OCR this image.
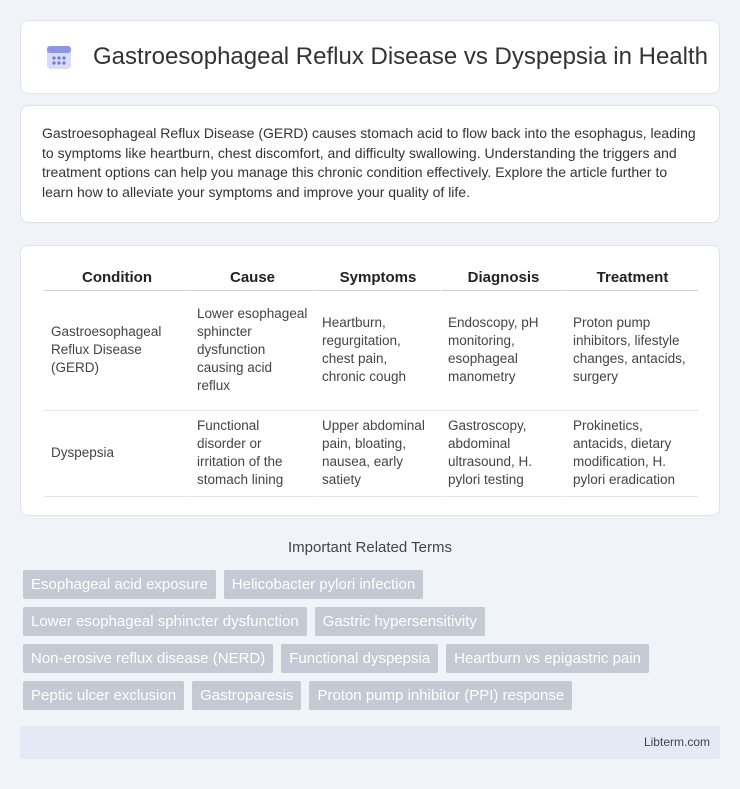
Gastroesophageal Reflux Disease vs Dyspepsia in Health

Gastroesophageal Reflux Disease (GERD) causes stomach acid to flow back into the esophagus, leading to symptoms like heartburn, chest discomfort, and difficulty swallowing. Understanding the triggers and treatment options can help you manage this chronic condition effectively. Explore the article further to learn how to alleviate your symptoms and improve your quality of life.

Condition	Cause	Symptoms	Diagnosis	Treatment
Gastroesophageal Reflux Disease (GERD)	Lower esophageal sphincter dysfunction causing acid reflux	Heartburn, regurgitation, chest pain, chronic cough	Endoscopy, pH monitoring, esophageal manometry	Proton pump inhibitors, lifestyle changes, antacids, surgery
Dyspepsia	Functional disorder or irritation of the stomach lining	Upper abdominal pain, bloating, nausea, early satiety	Gastroscopy, abdominal ultrasound, H. pylori testing	Prokinetics, antacids, dietary modification, H. pylori eradication
Important Related Terms
Esophageal acid exposure	Helicobacter pylori infection
Lower esophageal sphincter dysfunction	Gastric hypersensitivity
Non-erosive reflux disease (NERD)	Functional dyspepsia	Heartburn vs epigastric pain
Peptic ulcer exclusion	Gastroparesis	Proton pump inhibitor (PPI) response
Libterm.com
